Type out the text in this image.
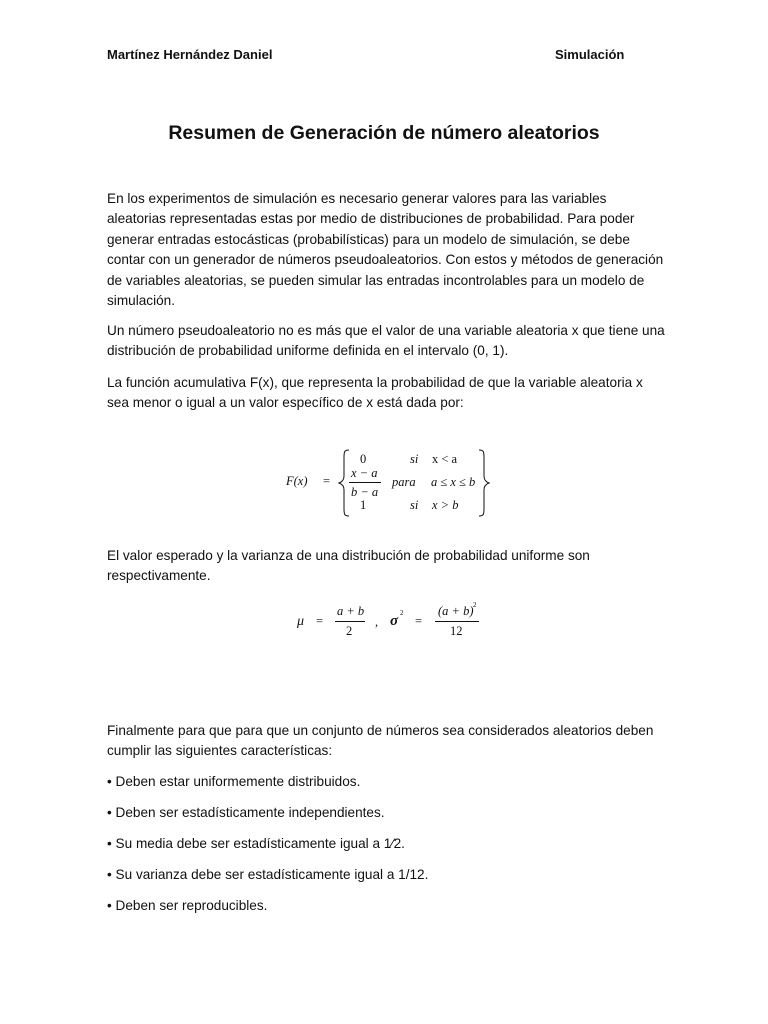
Martínez Hernández Daniel	Simulación
Resumen de Generación de número aleatorios
En los experimentos de simulación es necesario generar valores para las variables aleatorias representadas estas por medio de distribuciones de probabilidad. Para poder generar entradas estocásticas (probabilísticas) para un modelo de simulación, se debe contar con un generador de números pseudoaleatorios. Con estos y métodos de generación de variables aleatorias, se pueden simular las entradas incontrolables para un modelo de simulación.
Un número pseudoaleatorio no es más que el valor de una variable aleatoria x que tiene una distribución de probabilidad uniforme definida en el intervalo (0, 1).
La función acumulativa F(x), que representa la probabilidad de que la variable aleatoria x sea menor o igual a un valor específico de x está dada por:
F(x) =
0	si x < a
x − a
b − a
para a ≤ x ≤ b
1	si x > b
El valor esperado y la varianza de una distribución de probabilidad uniforme son respectivamente.
μ =
a + b
2
, σ 2
=
(a + b) 2
12
Finalmente para que para que un conjunto de números sea considerados aleatorios deben cumplir las siguientes características:
• Deben estar uniformemente distribuidos.
• Deben ser estadísticamente independientes.
• Su media debe ser estadísticamente igual a 1⁄2.
• Su varianza debe ser estadísticamente igual a 1/12.
• Deben ser reproducibles.
